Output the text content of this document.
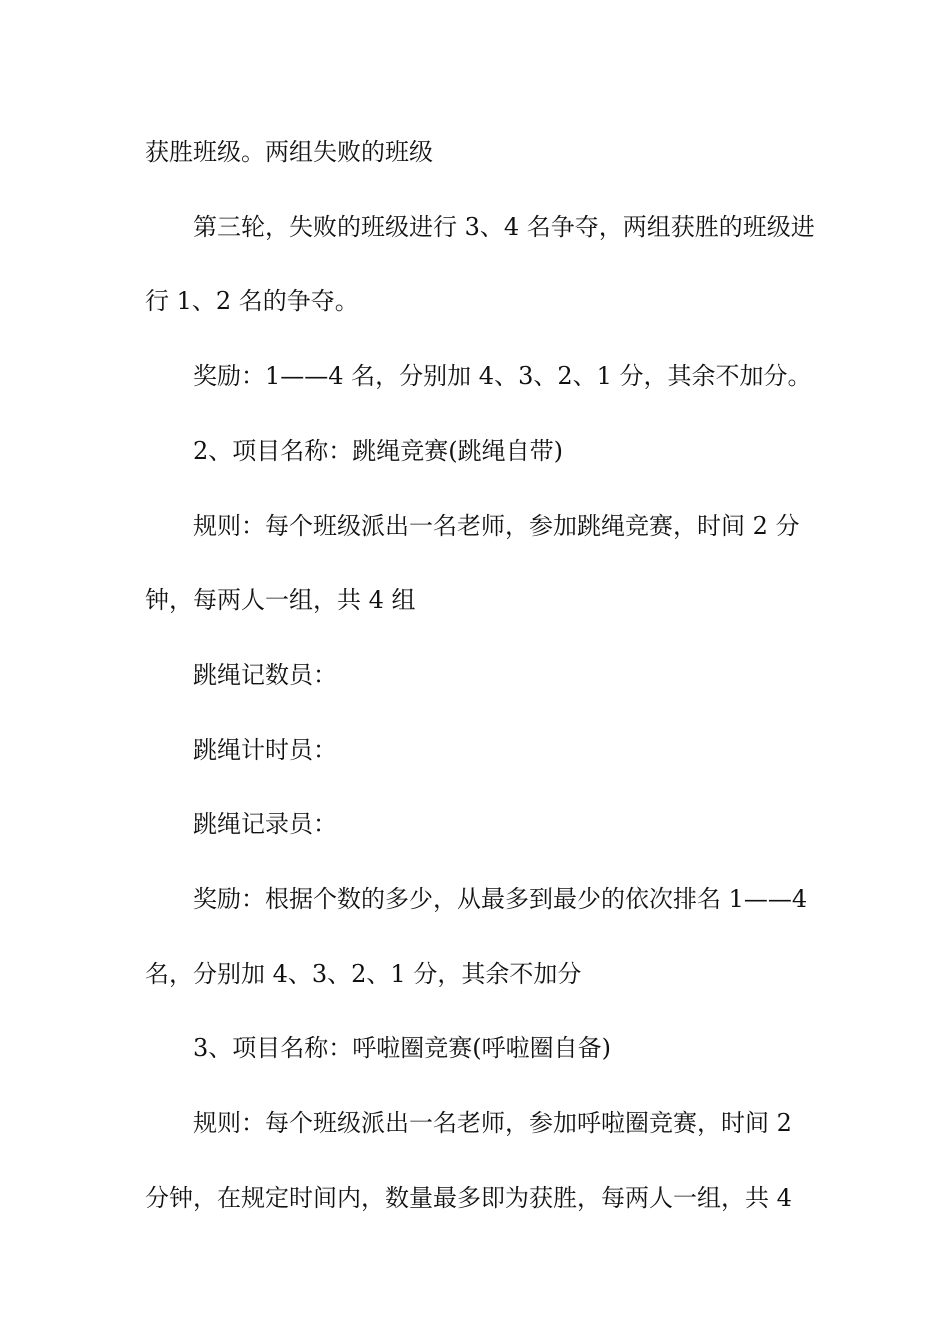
获胜班级。两组失败的班级
第三轮，失败的班级进行 3、4 名争夺，两组获胜的班级进
行 1、2 名的争夺。
奖励：1——4 名，分别加 4、3、2、1 分，其余不加分。
2、项目名称：跳绳竞赛(跳绳自带)
规则：每个班级派出一名老师，参加跳绳竞赛，时间 2 分
钟，每两人一组，共 4 组
跳绳记数员：
跳绳计时员：
跳绳记录员：
奖励：根据个数的多少，从最多到最少的依次排名 1——4
名，分别加 4、3、2、1 分，其余不加分
3、项目名称：呼啦圈竞赛(呼啦圈自备)
规则：每个班级派出一名老师，参加呼啦圈竞赛，时间 2
分钟，在规定时间内，数量最多即为获胜，每两人一组，共 4
